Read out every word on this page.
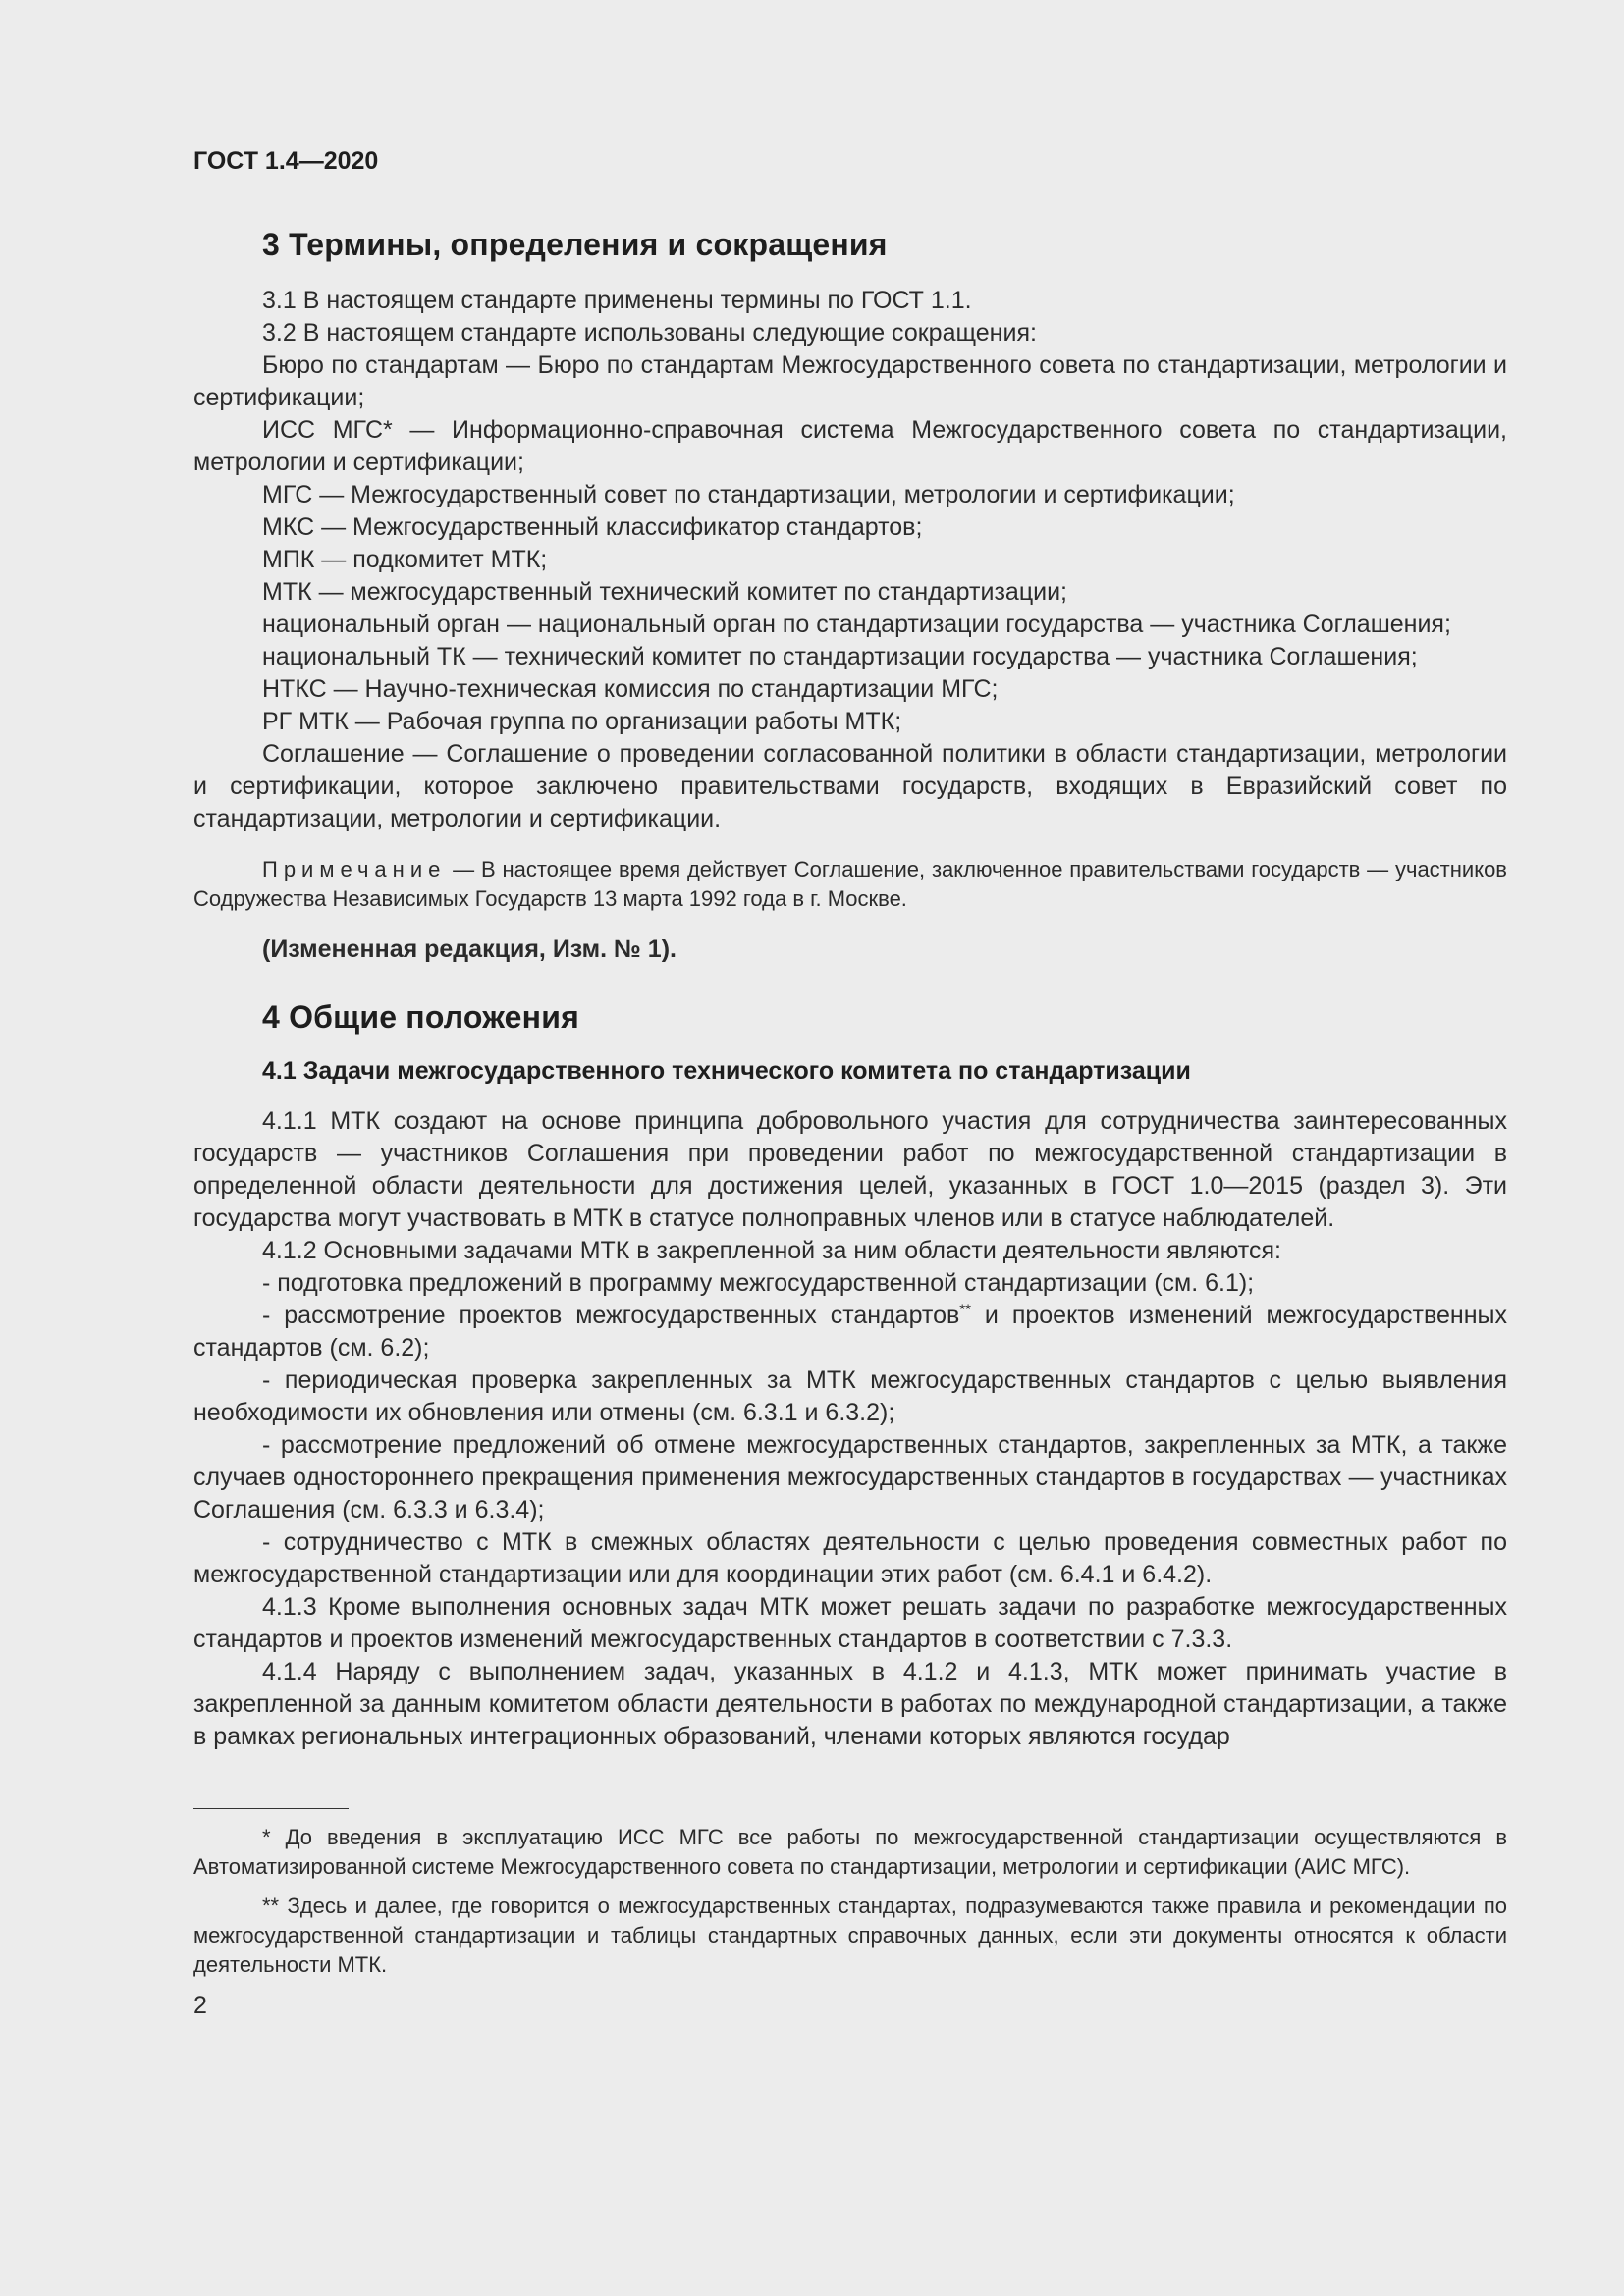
ГОСТ 1.4—2020
3 Термины, определения и сокращения

3.1 В настоящем стандарте применены термины по ГОСТ 1.1.

3.2 В настоящем стандарте использованы следующие сокращения:

Бюро по стандартам — Бюро по стандартам Межгосударственного совета по стандартизации, метрологии и сертификации;

ИСС МГС* — Информационно-справочная система Межгосударственного совета по стандартизации, метрологии и сертификации;

МГС — Межгосударственный совет по стандартизации, метрологии и сертификации;

МКС — Межгосударственный классификатор стандартов;

МПК — подкомитет МТК;

МТК — межгосударственный технический комитет по стандартизации;

национальный орган — национальный орган по стандартизации государства — участника Соглашения;

национальный ТК — технический комитет по стандартизации государства — участника Соглашения;

НТКС — Научно-техническая комиссия по стандартизации МГС;

РГ МТК — Рабочая группа по организации работы МТК;

Соглашение — Соглашение о проведении согласованной политики в области стандартизации, метрологии и сертификации, которое заключено правительствами государств, входящих в Евразийский совет по стандартизации, метрологии и сертификации.

Примечание — В настоящее время действует Соглашение, заключенное правительствами государств — участников Содружества Независимых Государств 13 марта 1992 года в г. Москве.
(Измененная редакция, Изм. № 1).
4 Общие положения
4.1 Задачи межгосударственного технического комитета по стандартизации

4.1.1 МТК создают на основе принципа добровольного участия для сотрудничества заинтересованных государств — участников Соглашения при проведении работ по межгосударственной стандартизации в определенной области деятельности для достижения целей, указанных в ГОСТ 1.0—2015 (раздел 3). Эти государства могут участвовать в МТК в статусе полноправных членов или в статусе наблюдателей.

4.1.2 Основными задачами МТК в закрепленной за ним области деятельности являются:

- подготовка предложений в программу межгосударственной стандартизации (см. 6.1);

- рассмотрение проектов межгосударственных стандартов** и проектов изменений межгосударственных стандартов (см. 6.2);

- периодическая проверка закрепленных за МТК межгосударственных стандартов с целью выявления необходимости их обновления или отмены (см. 6.3.1 и 6.3.2);

- рассмотрение предложений об отмене межгосударственных стандартов, закрепленных за МТК, а также случаев одностороннего прекращения применения межгосударственных стандартов в государствах — участниках Соглашения (см. 6.3.3 и 6.3.4);

- сотрудничество с МТК в смежных областях деятельности с целью проведения совместных работ по межгосударственной стандартизации или для координации этих работ (см. 6.4.1 и 6.4.2).

4.1.3 Кроме выполнения основных задач МТК может решать задачи по разработке межгосударственных стандартов и проектов изменений межгосударственных стандартов в соответствии с 7.3.3.

4.1.4 Наряду с выполнением задач, указанных в 4.1.2 и 4.1.3, МТК может принимать участие в закрепленной за данным комитетом области деятельности в работах по международной стандартизации, а также в рамках региональных интеграционных образований, членами которых являются государ

* До введения в эксплуатацию ИСС МГС все работы по межгосударственной стандартизации осуществляются в Автоматизированной системе Межгосударственного совета по стандартизации, метрологии и сертификации (АИС МГС).
** Здесь и далее, где говорится о межгосударственных стандартах, подразумеваются также правила и рекомендации по межгосударственной стандартизации и таблицы стандартных справочных данных, если эти документы относятся к области деятельности МТК.
2
